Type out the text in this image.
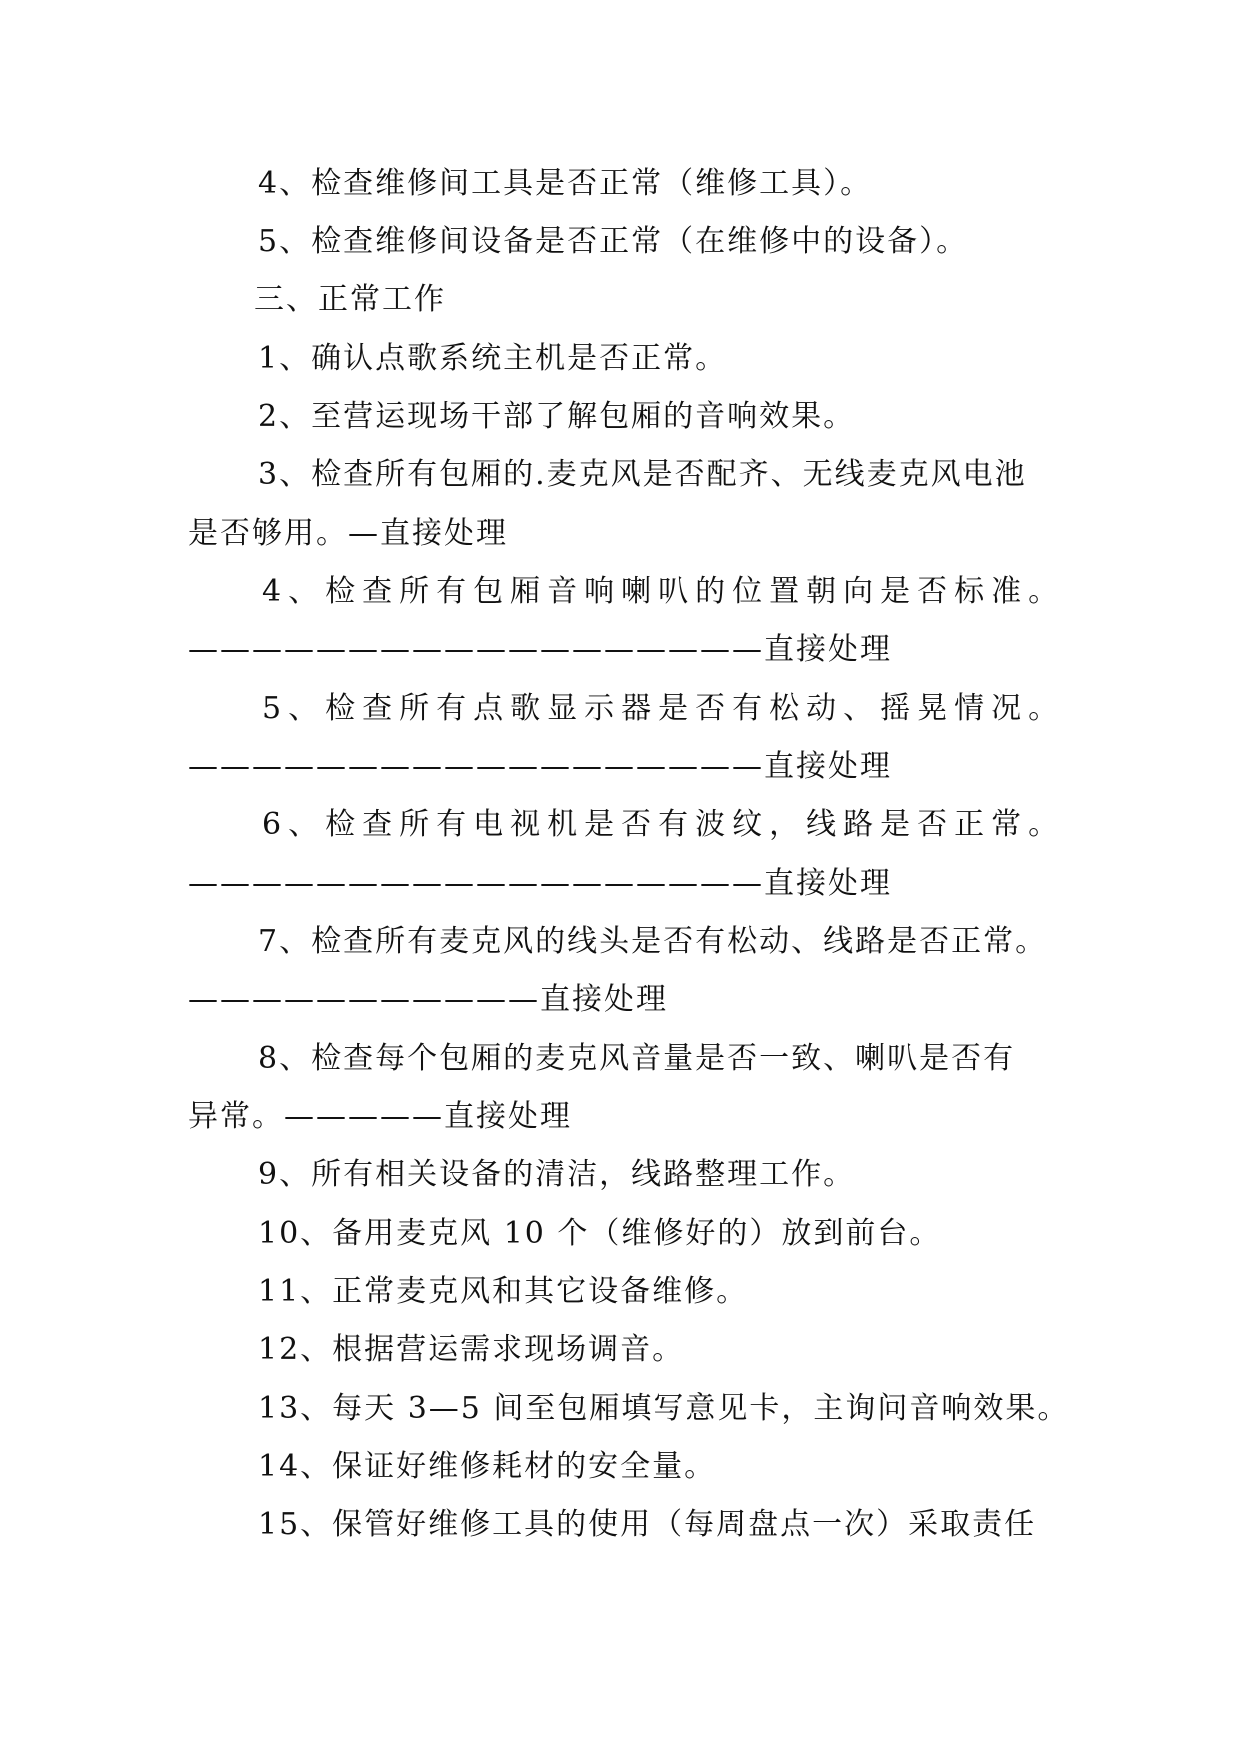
4、检查维修间工具是否正常（维修工具）。
5、检查维修间设备是否正常（在维修中的设备）。
三、正常工作
1、确认点歌系统主机是否正常。
2、至营运现场干部了解包厢的音响效果。
3、检查所有包厢的.麦克风是否配齐、无线麦克风电池
是否够用。—直接处理
4、检查所有包厢音响喇叭的位置朝向是否标准。
——————————————————直接处理
5、检查所有点歌显示器是否有松动、摇晃情况。
——————————————————直接处理
6、检查所有电视机是否有波纹，线路是否正常。
——————————————————直接处理
7、检查所有麦克风的线头是否有松动、线路是否正常。
———————————直接处理
8、检查每个包厢的麦克风音量是否一致、喇叭是否有
异常。—————直接处理
9、所有相关设备的清洁，线路整理工作。
10、备用麦克风 10 个（维修好的）放到前台。
11、正常麦克风和其它设备维修。
12、根据营运需求现场调音。
13、每天 3—5 间至包厢填写意见卡，主询问音响效果。
14、保证好维修耗材的安全量。
15、保管好维修工具的使用（每周盘点一次）采取责任
